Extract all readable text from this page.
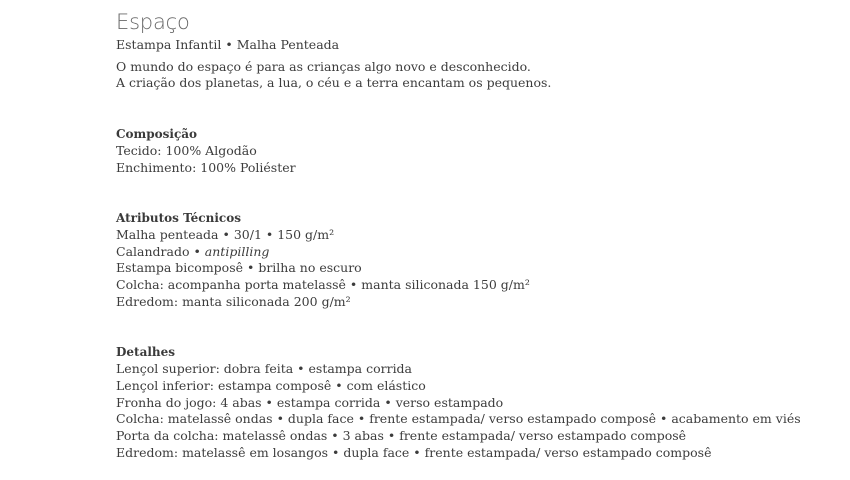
Espaço
Estampa Infantil • Malha Penteada
O mundo do espaço é para as crianças algo novo e desconhecido.
A criação dos planetas, a lua, o céu e a terra encantam os pequenos.
Composição
Tecido: 100% Algodão
Enchimento: 100% Poliéster
Atributos Técnicos
Malha penteada • 30/1 • 150 g/m²
Calandrado • antipilling
Estampa bicomposê • brilha no escuro
Colcha: acompanha porta matelassê • manta siliconada 150 g/m²
Edredom: manta siliconada 200 g/m²
Detalhes
Lençol superior: dobra feita • estampa corrida
Lençol inferior: estampa composê • com elástico
Fronha do jogo: 4 abas • estampa corrida • verso estampado
Colcha: matelassê ondas • dupla face • frente estampada/ verso estampado composê • acabamento em viés
Porta da colcha: matelassê ondas • 3 abas • frente estampada/ verso estampado composê
Edredom: matelassê em losangos • dupla face • frente estampada/ verso estampado composê
